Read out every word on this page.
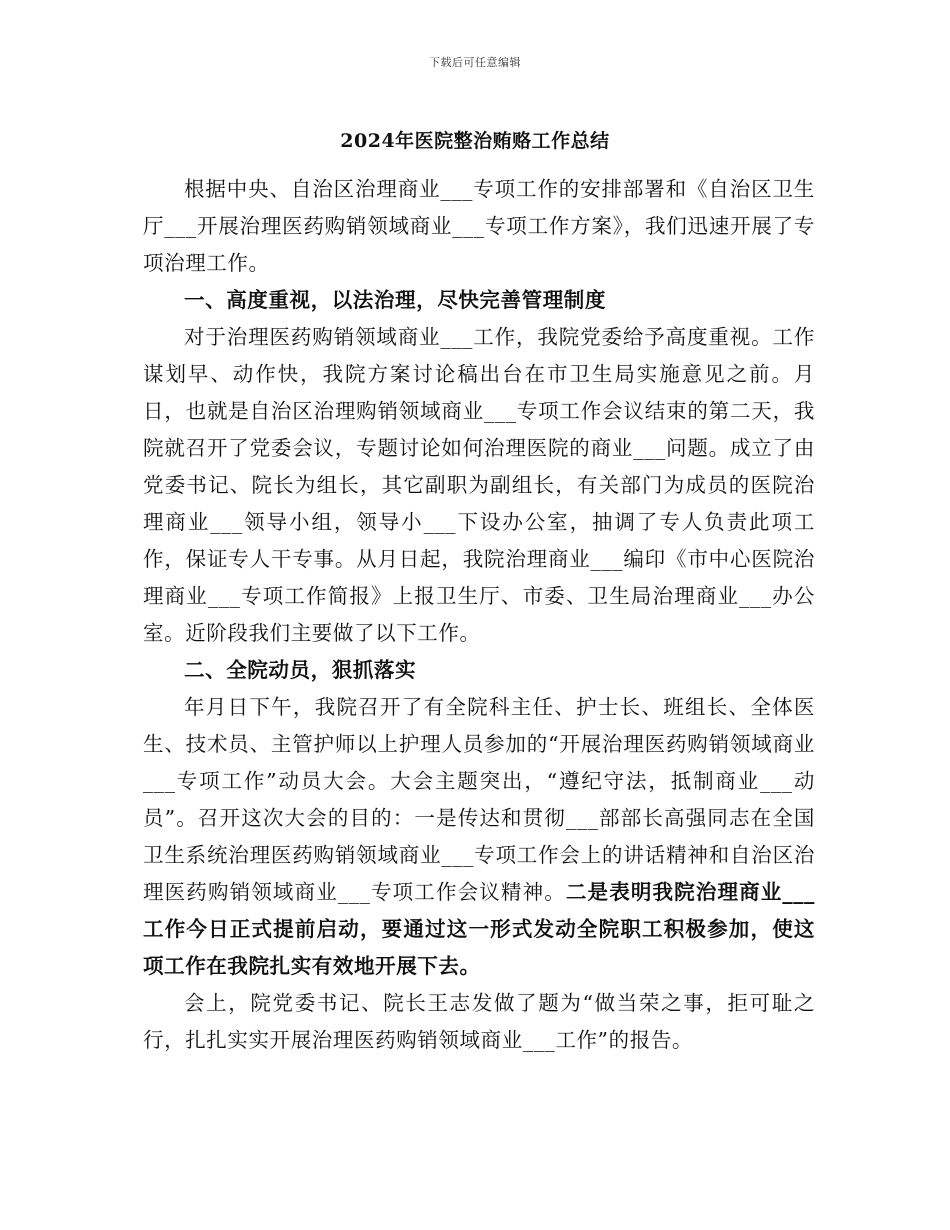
下载后可任意编辑
2024年医院整治贿赂工作总结

根据中央、自治区治理商业___专项工作的安排部署和《自治区卫生厅___开展治理医药购销领域商业___专项工作方案》，我们迅速开展了专项治理工作。

一、高度重视，以法治理，尽快完善管理制度

对于治理医药购销领域商业___工作，我院党委给予高度重视。工作谋划早、动作快，我院方案讨论稿出台在市卫生局实施意见之前。月日，也就是自治区治理购销领域商业___专项工作会议结束的第二天，我院就召开了党委会议，专题讨论如何治理医院的商业___问题。成立了由党委书记、院长为组长，其它副职为副组长，有关部门为成员的医院治理商业___领导小组，领导小___下设办公室，抽调了专人负责此项工作，保证专人干专事。从月日起，我院治理商业___编印《市中心医院治理商业___专项工作简报》上报卫生厅、市委、卫生局治理商业___办公室。近阶段我们主要做了以下工作。

二、全院动员，狠抓落实

年月日下午，我院召开了有全院科主任、护士长、班组长、全体医生、技术员、主管护师以上护理人员参加的“开展治理医药购销领域商业___专项工作”动员大会。大会主题突出，“遵纪守法，抵制商业___动员”。召开这次大会的目的：一是传达和贯彻___部部长高强同志在全国卫生系统治理医药购销领域商业___专项工作会上的讲话精神和自治区治理医药购销领域商业___专项工作会议精神。二是表明我院治理商业___工作今日正式提前启动，要通过这一形式发动全院职工积极参加，使这项工作在我院扎实有效地开展下去。

会上，院党委书记、院长王志发做了题为“做当荣之事，拒可耻之行，扎扎实实开展治理医药购销领域商业___工作”的报告。
